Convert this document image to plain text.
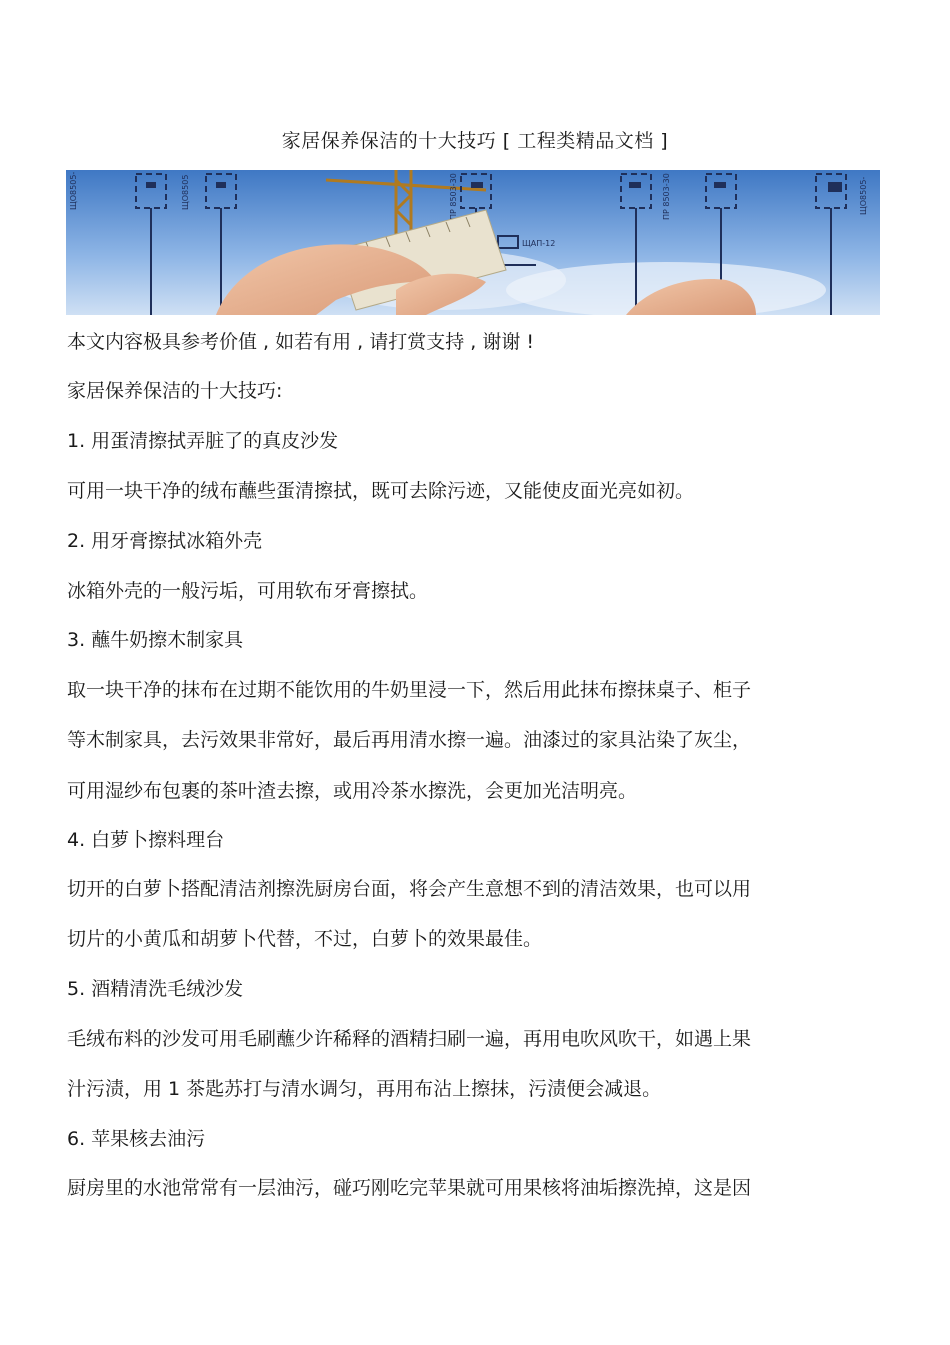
家居保养保洁的十大技巧 [ 工程类精品文档 ]
ЩО8505-	ЩО8505	ПР 8503-30
ЩАП-12
ПР 8503-30	ЩО8505-
本文内容极具参考价值 , 如若有用 , 请打赏支持 , 谢谢 !
家居保养保洁的十大技巧:
1. 用蛋清擦拭弄脏了的真皮沙发
可用一块干净的绒布蘸些蛋清擦拭，既可去除污迹，又能使皮面光亮如初。
2. 用牙膏擦拭冰箱外壳
冰箱外壳的一般污垢，可用软布牙膏擦拭。
3. 蘸牛奶擦木制家具
取一块干净的抹布在过期不能饮用的牛奶里浸一下，然后用此抹布擦抹桌子、柜子
等木制家具，去污效果非常好，最后再用清水擦一遍。油漆过的家具沾染了灰尘，
可用湿纱布包裹的茶叶渣去擦，或用冷茶水擦洗，会更加光洁明亮。
4. 白萝卜擦料理台
切开的白萝卜搭配清洁剂擦洗厨房台面，将会产生意想不到的清洁效果，也可以用
切片的小黄瓜和胡萝卜代替，不过，白萝卜的效果最佳。
5. 酒精清洗毛绒沙发
毛绒布料的沙发可用毛刷蘸少许稀释的酒精扫刷一遍，再用电吹风吹干，如遇上果
汁污渍，用 1 茶匙苏打与清水调匀，再用布沾上擦抹，污渍便会减退。
6. 苹果核去油污
厨房里的水池常常有一层油污，碰巧刚吃完苹果就可用果核将油垢擦洗掉，这是因
